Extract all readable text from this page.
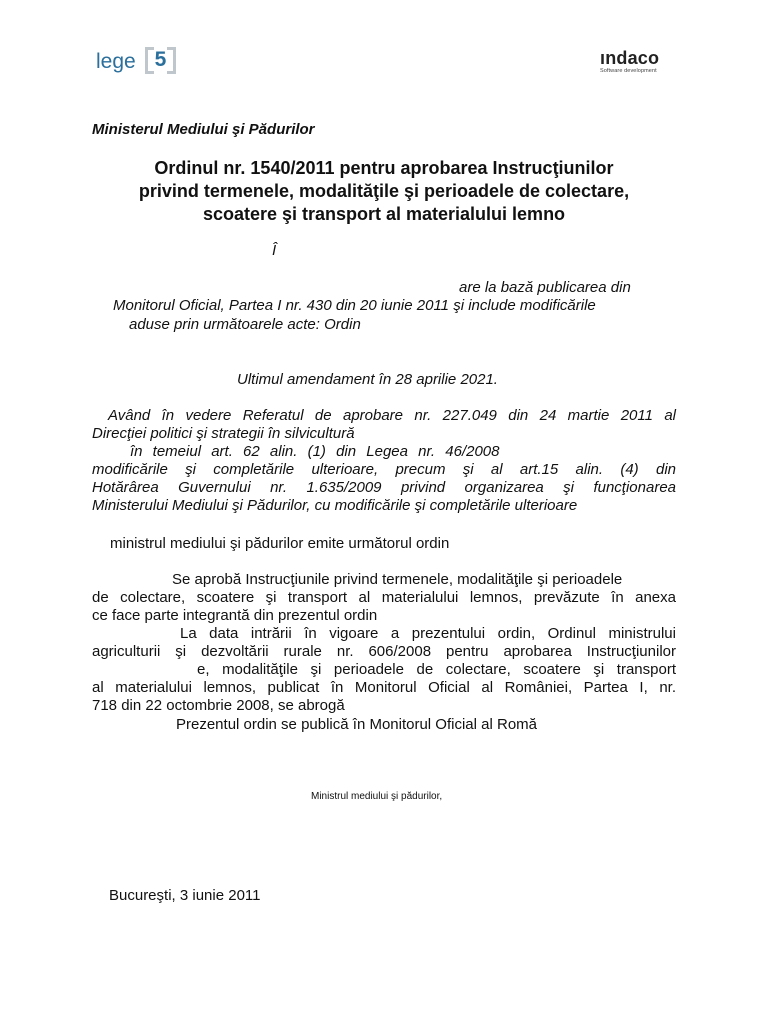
lege 5	ındaco
Software development
Ministerul Mediului şi Pădurilor
Ordinul nr. 1540/2011 pentru aprobarea Instrucţiunilor
privind termenele, modalităţile şi perioadele de colectare,
scoatere şi transport al materialului lemno
Î
are la bază publicarea din
Monitorul Oficial, Partea I nr. 430 din 20 iunie 2011 şi include modificările
aduse prin următoarele acte: Ordin
Ultimul amendament în 28 aprilie 2021.
Având în vedere Referatul de aprobare nr. 227.049 din 24 martie 2011 al
Direcţiei politici şi strategii în silvicultură
în temeiul art. 62 alin. (1) din Legea nr. 46/2008
modificările şi completările ulterioare, precum şi al art.15 alin. (4) din
Hotărârea Guvernului nr. 1.635/2009 privind organizarea şi funcţionarea
Ministerului Mediului şi Pădurilor, cu modificările şi completările ulterioare
ministrul mediului şi pădurilor emite următorul ordin
Se aprobă Instrucţiunile privind termenele, modalităţile şi perioadele
de colectare, scoatere şi transport al materialului lemnos, prevăzute în anexa
ce face parte integrantă din prezentul ordin
La data intrării în vigoare a prezentului ordin, Ordinul ministrului
agriculturii şi dezvoltării rurale nr. 606/2008 pentru aprobarea Instrucţiunilor
e, modalităţile şi perioadele de colectare, scoatere şi transport
al materialului lemnos, publicat în Monitorul Oficial al României, Partea I, nr.
718 din 22 octombrie 2008, se abrogă
Prezentul ordin se publică în Monitorul Oficial al Romă
Ministrul mediului şi pădurilor,
Bucureşti, 3 iunie 2011
